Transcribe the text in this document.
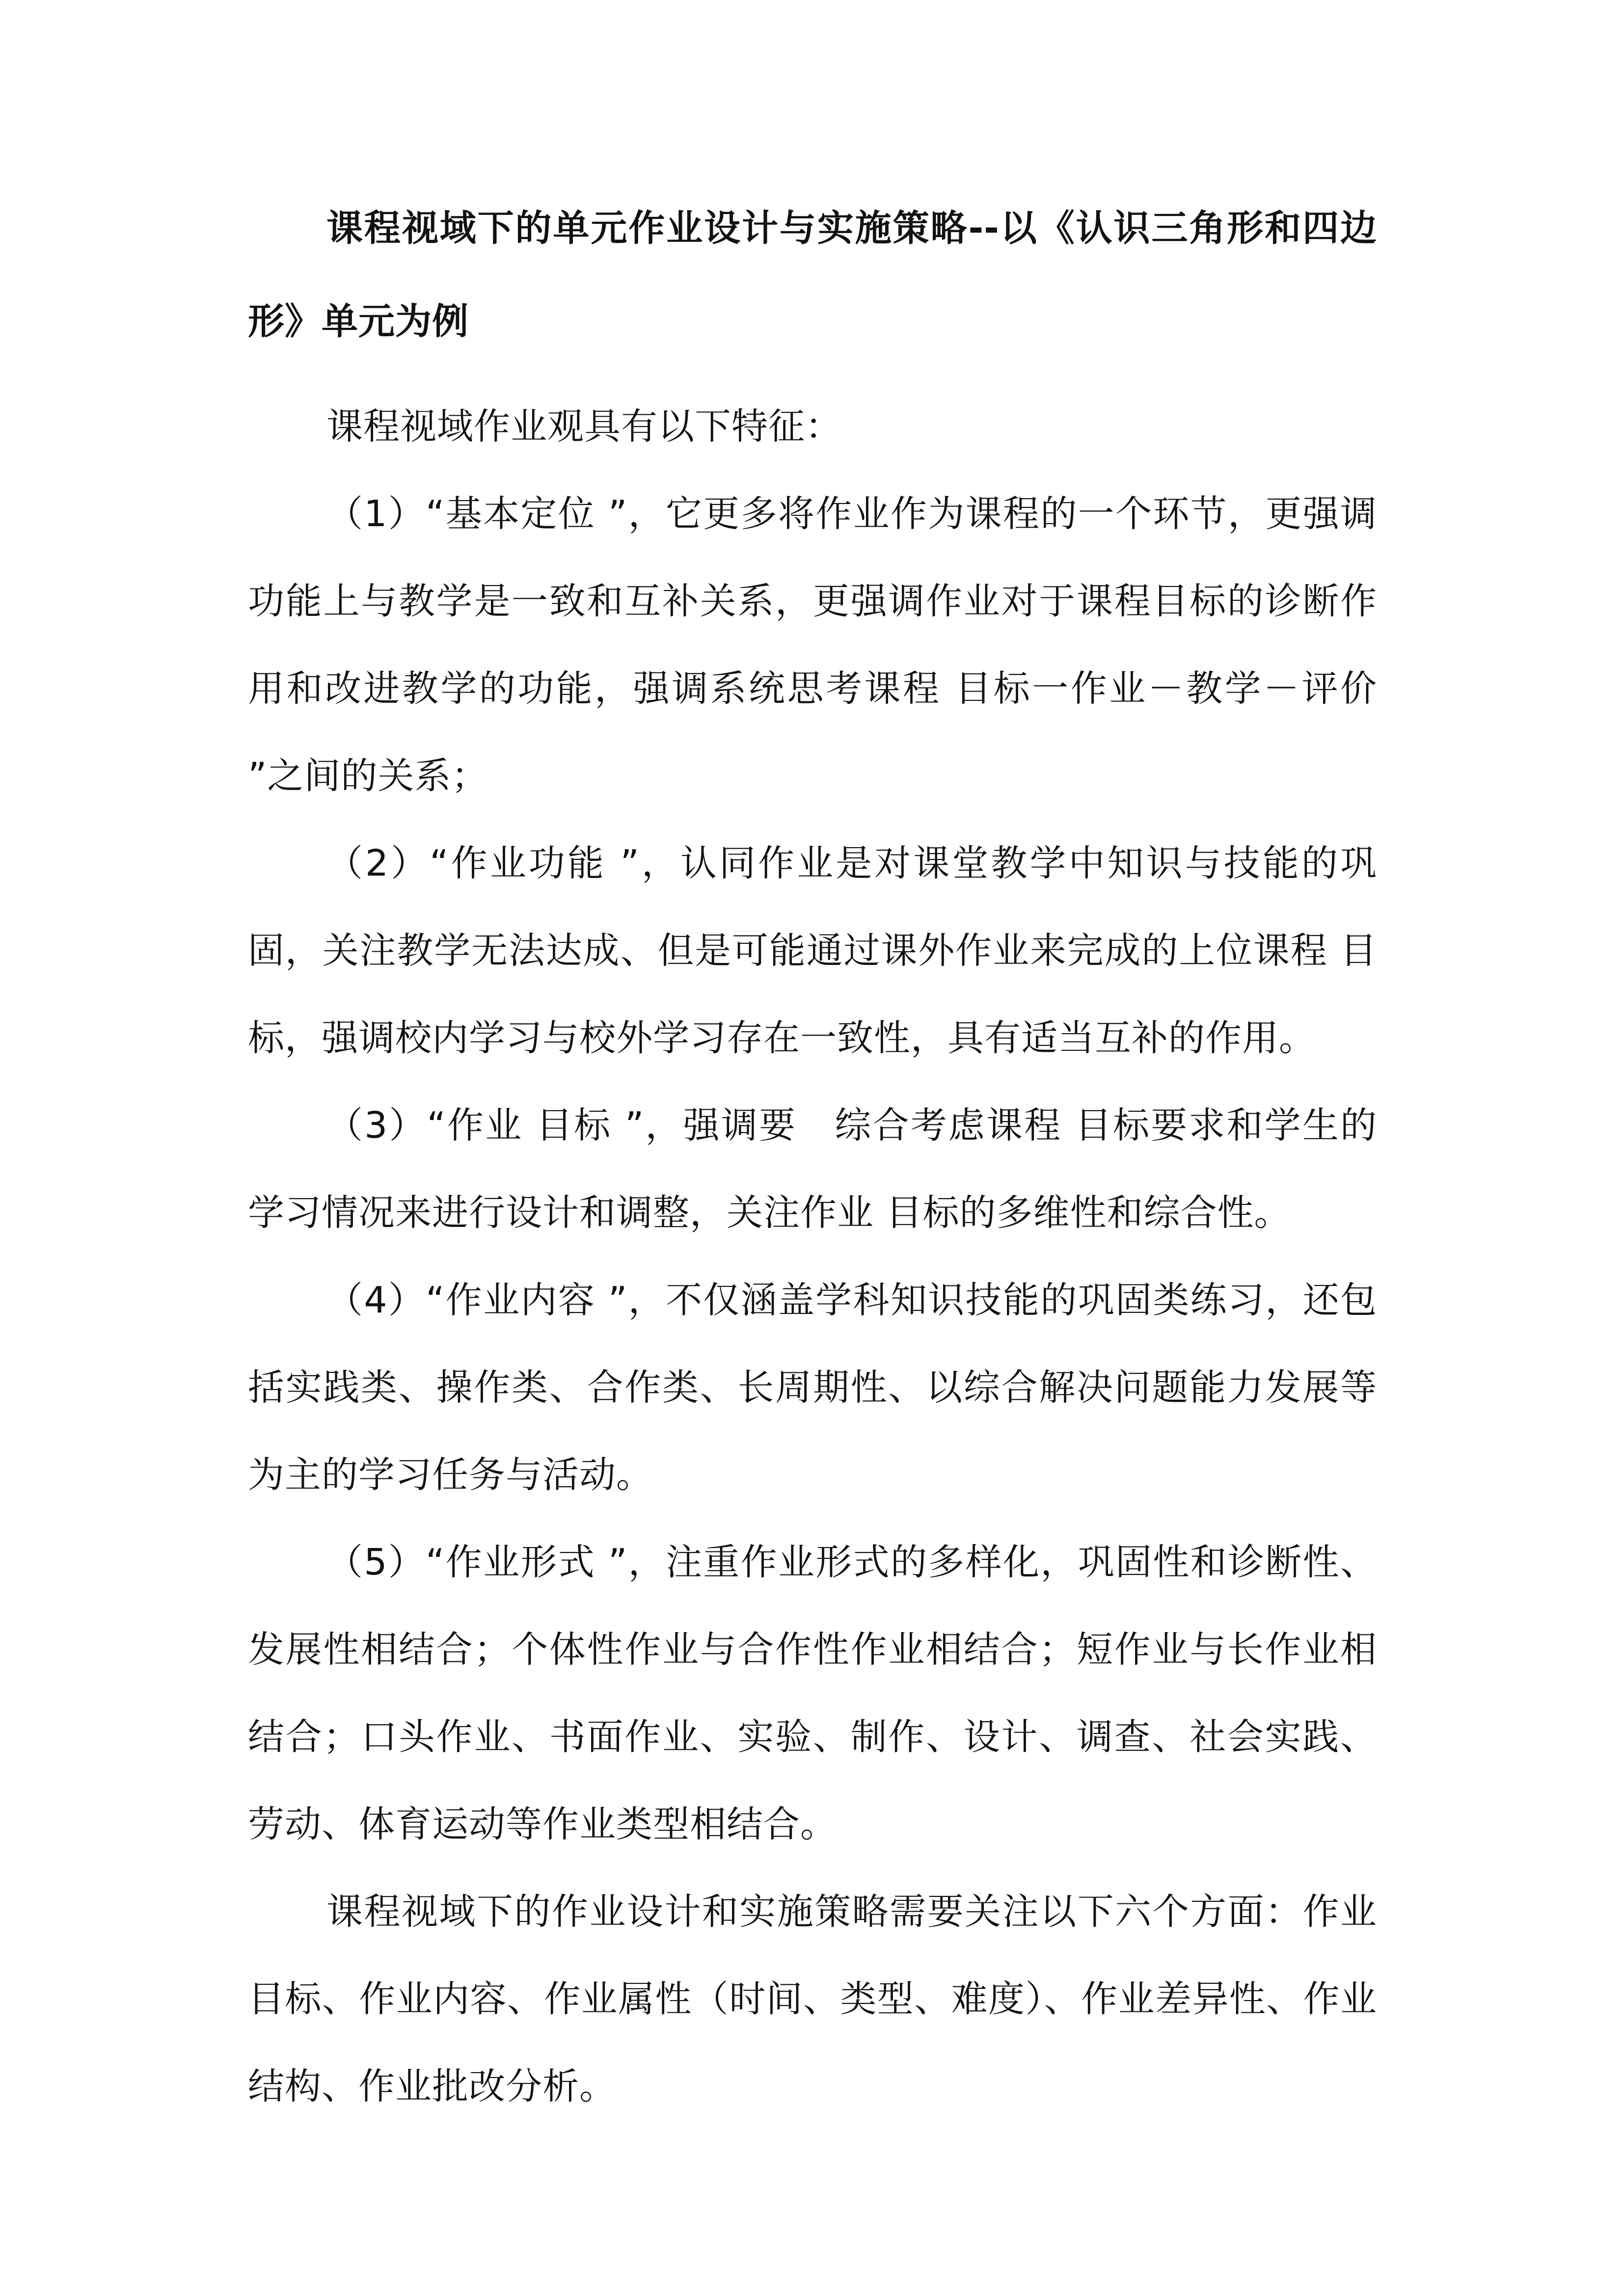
课程视域下的单元作业设计与实施策略--以《认识三角形和四边形》单元为例

课程视域作业观具有以下特征：

（1）“基本定位 ”，它更多将作业作为课程的一个环节，更强调功能上与教学是一致和互补关系，更强调作业对于课程目标的诊断作用和改进教学的功能，强调系统思考课程 目标一作业－教学－评价 ”之间的关系；

（2）“作业功能 ”，认同作业是对课堂教学中知识与技能的巩固，关注教学无法达成、但是可能通过课外作业来完成的上位课程 目标，强调校内学习与校外学习存在一致性，具有适当互补的作用。

（3）“作业 目标 ”，强调要　综合考虑课程 目标要求和学生的学习情况来进行设计和调整，关注作业 目标的多维性和综合性。

（4）“作业内容 ”，不仅涵盖学科知识技能的巩固类练习，还包括实践类、操作类、合作类、长周期性、以综合解决问题能力发展等为主的学习任务与活动。

（5）“作业形式 ”，注重作业形式的多样化，巩固性和诊断性、发展性相结合；个体性作业与合作性作业相结合；短作业与长作业相结合；口头作业、书面作业、实验、制作、设计、调查、社会实践、劳动、体育运动等作业类型相结合。

课程视域下的作业设计和实施策略需要关注以下六个方面：作业目标、作业内容、作业属性（时间、类型、难度）、作业差异性、作业结构、作业批改分析。
